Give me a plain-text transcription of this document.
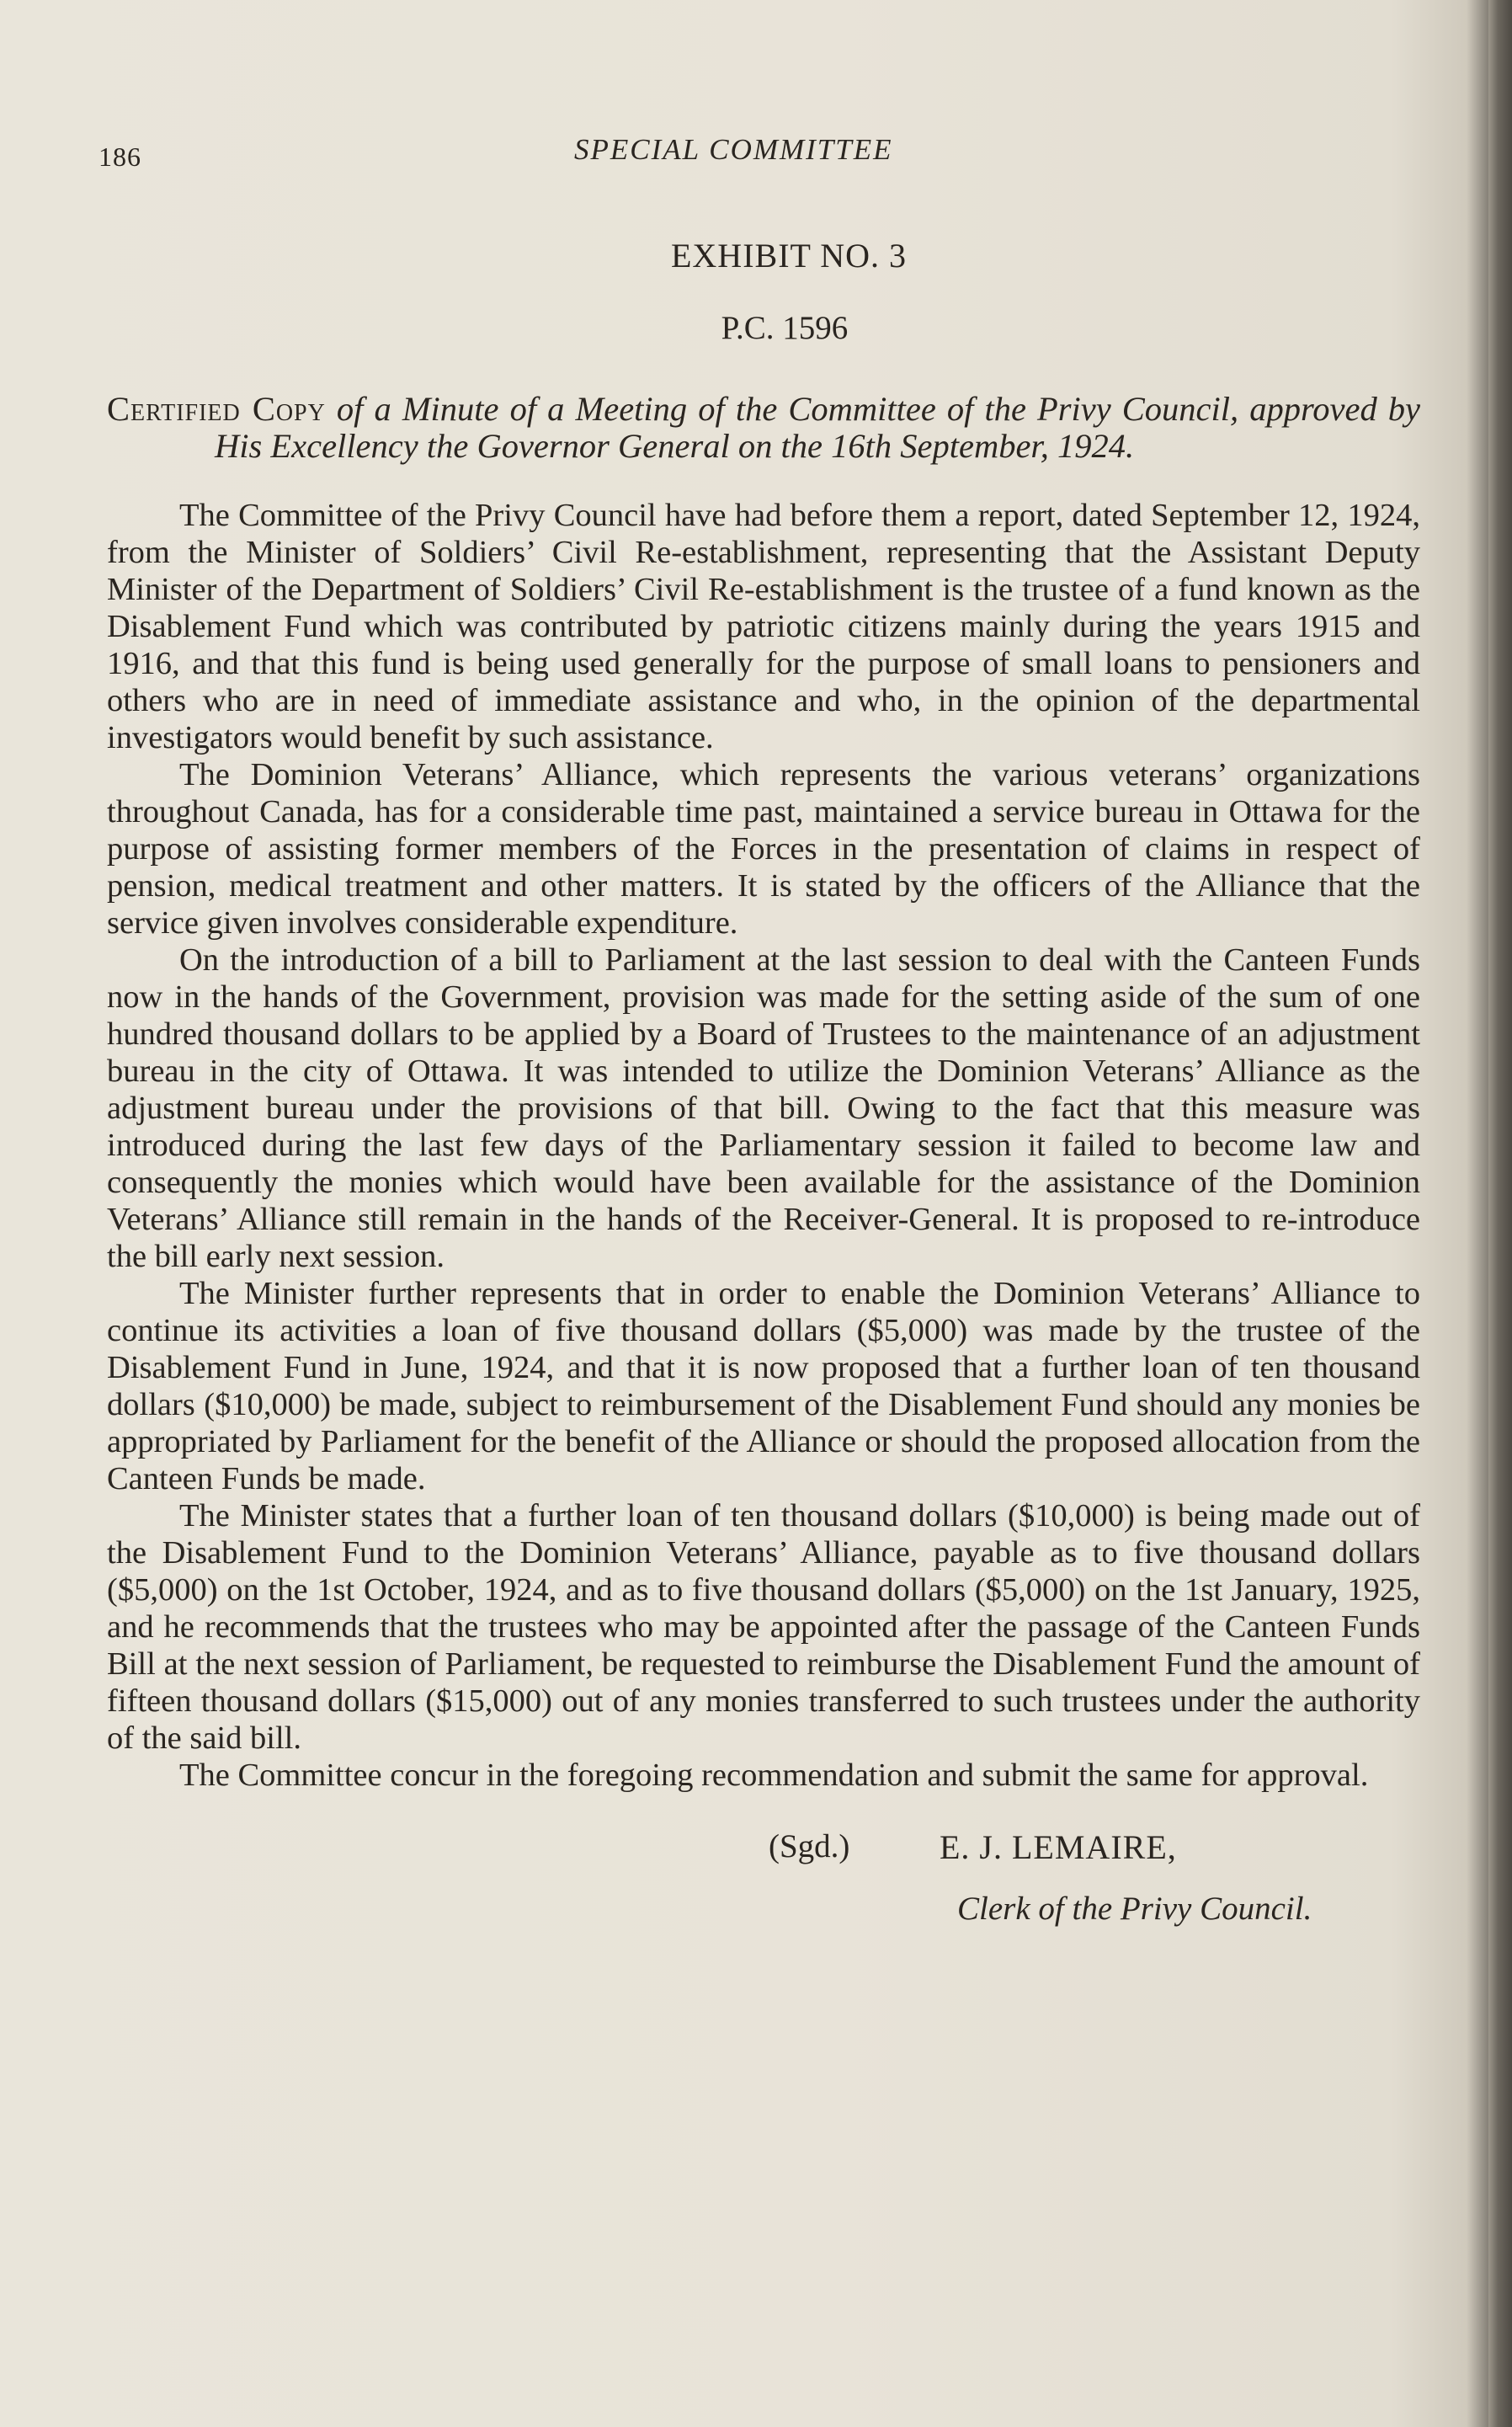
186	SPECIAL COMMITTEE
EXHIBIT NO. 3
P.C. 1596
Certified Copy of a Minute of a Meeting of the Committee of the Privy Council, approved by His Excellency the Governor General on the 16th September, 1924.

The Committee of the Privy Council have had before them a report, dated September 12, 1924, from the Minister of Soldiers’ Civil Re-establishment, representing that the Assistant Deputy Minister of the Department of Soldiers’ Civil Re-establishment is the trustee of a fund known as the Disablement Fund which was contributed by patriotic citizens mainly during the years 1915 and 1916, and that this fund is being used generally for the purpose of small loans to pensioners and others who are in need of immediate assistance and who, in the opinion of the departmental investigators would benefit by such assistance.

The Dominion Veterans’ Alliance, which represents the various veterans’ organizations throughout Canada, has for a considerable time past, maintained a service bureau in Ottawa for the purpose of assisting former members of the Forces in the presentation of claims in respect of pension, medical treatment and other matters. It is stated by the officers of the Alliance that the service given involves considerable expenditure.

On the introduction of a bill to Parliament at the last session to deal with the Canteen Funds now in the hands of the Government, provision was made for the setting aside of the sum of one hundred thousand dollars to be applied by a Board of Trustees to the maintenance of an adjustment bureau in the city of Ottawa. It was intended to utilize the Dominion Veterans’ Alliance as the adjustment bureau under the provisions of that bill. Owing to the fact that this measure was introduced during the last few days of the Parliamentary session it failed to become law and consequently the monies which would have been available for the assistance of the Dominion Veterans’ Alliance still remain in the hands of the Receiver-General. It is proposed to re-introduce the bill early next session.

The Minister further represents that in order to enable the Dominion Veterans’ Alliance to continue its activities a loan of five thousand dollars ($5,000) was made by the trustee of the Disablement Fund in June, 1924, and that it is now proposed that a further loan of ten thousand dollars ($10,000) be made, subject to reimbursement of the Disablement Fund should any monies be appropriated by Parliament for the benefit of the Alliance or should the proposed allocation from the Canteen Funds be made.

The Minister states that a further loan of ten thousand dollars ($10,000) is being made out of the Disablement Fund to the Dominion Veterans’ Alliance, payable as to five thousand dollars ($5,000) on the 1st October, 1924, and as to five thousand dollars ($5,000) on the 1st January, 1925, and he recommends that the trustees who may be appointed after the passage of the Canteen Funds Bill at the next session of Parliament, be requested to reimburse the Disablement Fund the amount of fifteen thousand dollars ($15,000) out of any monies transferred to such trustees under the authority of the said bill.

The Committee concur in the foregoing recommendation and submit the same for approval.

(Sgd.)	E. J. LEMAIRE,
Clerk of the Privy Council.
